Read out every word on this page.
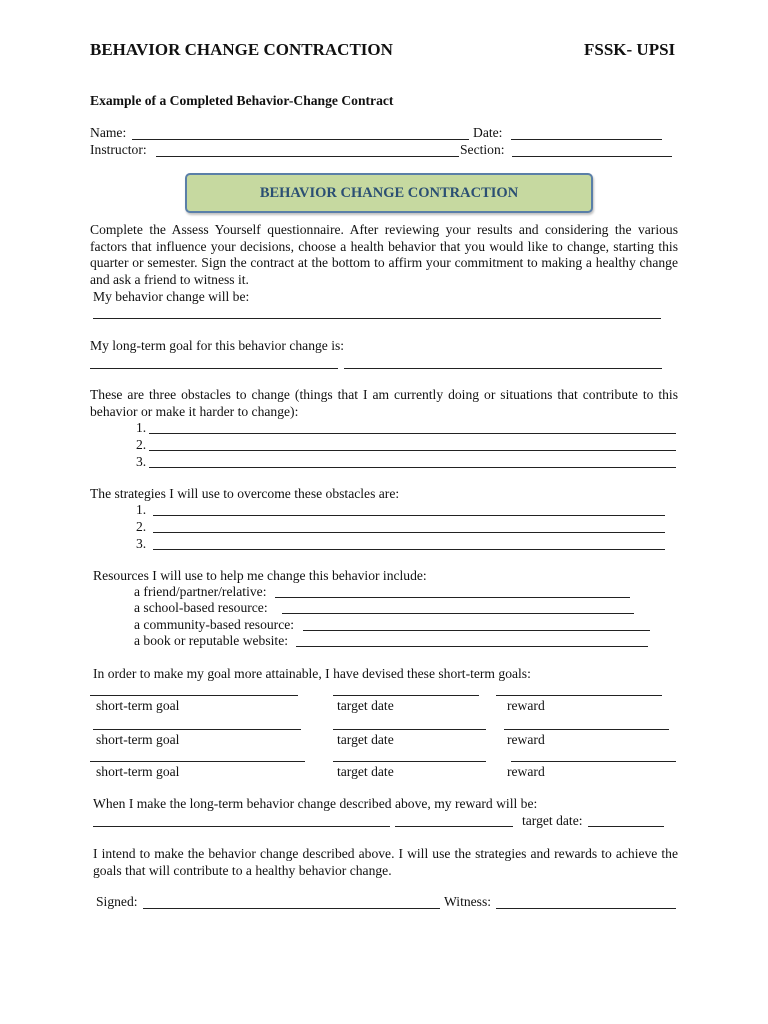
BEHAVIOR CHANGE CONTRACTION	FSSK- UPSI
Example of a Completed Behavior-Change Contract
Name:	Date:
Instructor:	Section:
BEHAVIOR CHANGE CONTRACTION
Complete the Assess Yourself questionnaire. After reviewing your results and considering the various factors that influence your decisions, choose a health behavior that you would like to change, starting this quarter or semester. Sign the contract at the bottom to affirm your commitment to making a healthy change and ask a friend to witness it.
My behavior change will be:
My long-term goal for this behavior change is:
These are three obstacles to change (things that I am currently doing or situations that contribute to this behavior or make it harder to change):
1.
2.
3.
The strategies I will use to overcome these obstacles are:
1.
2.
3.
Resources I will use to help me change this behavior include:
a friend/partner/relative:
a school-based resource:
a community-based resource:
a book or reputable website:
In order to make my goal more attainable, I have devised these short-term goals:
short-term goal	target date	reward
short-term goal	target date	reward
short-term goal	target date	reward
When I make the long-term behavior change described above, my reward will be:
target date:
I intend to make the behavior change described above. I will use the strategies and rewards to achieve the goals that will contribute to a healthy behavior change.
Signed:	Witness:
